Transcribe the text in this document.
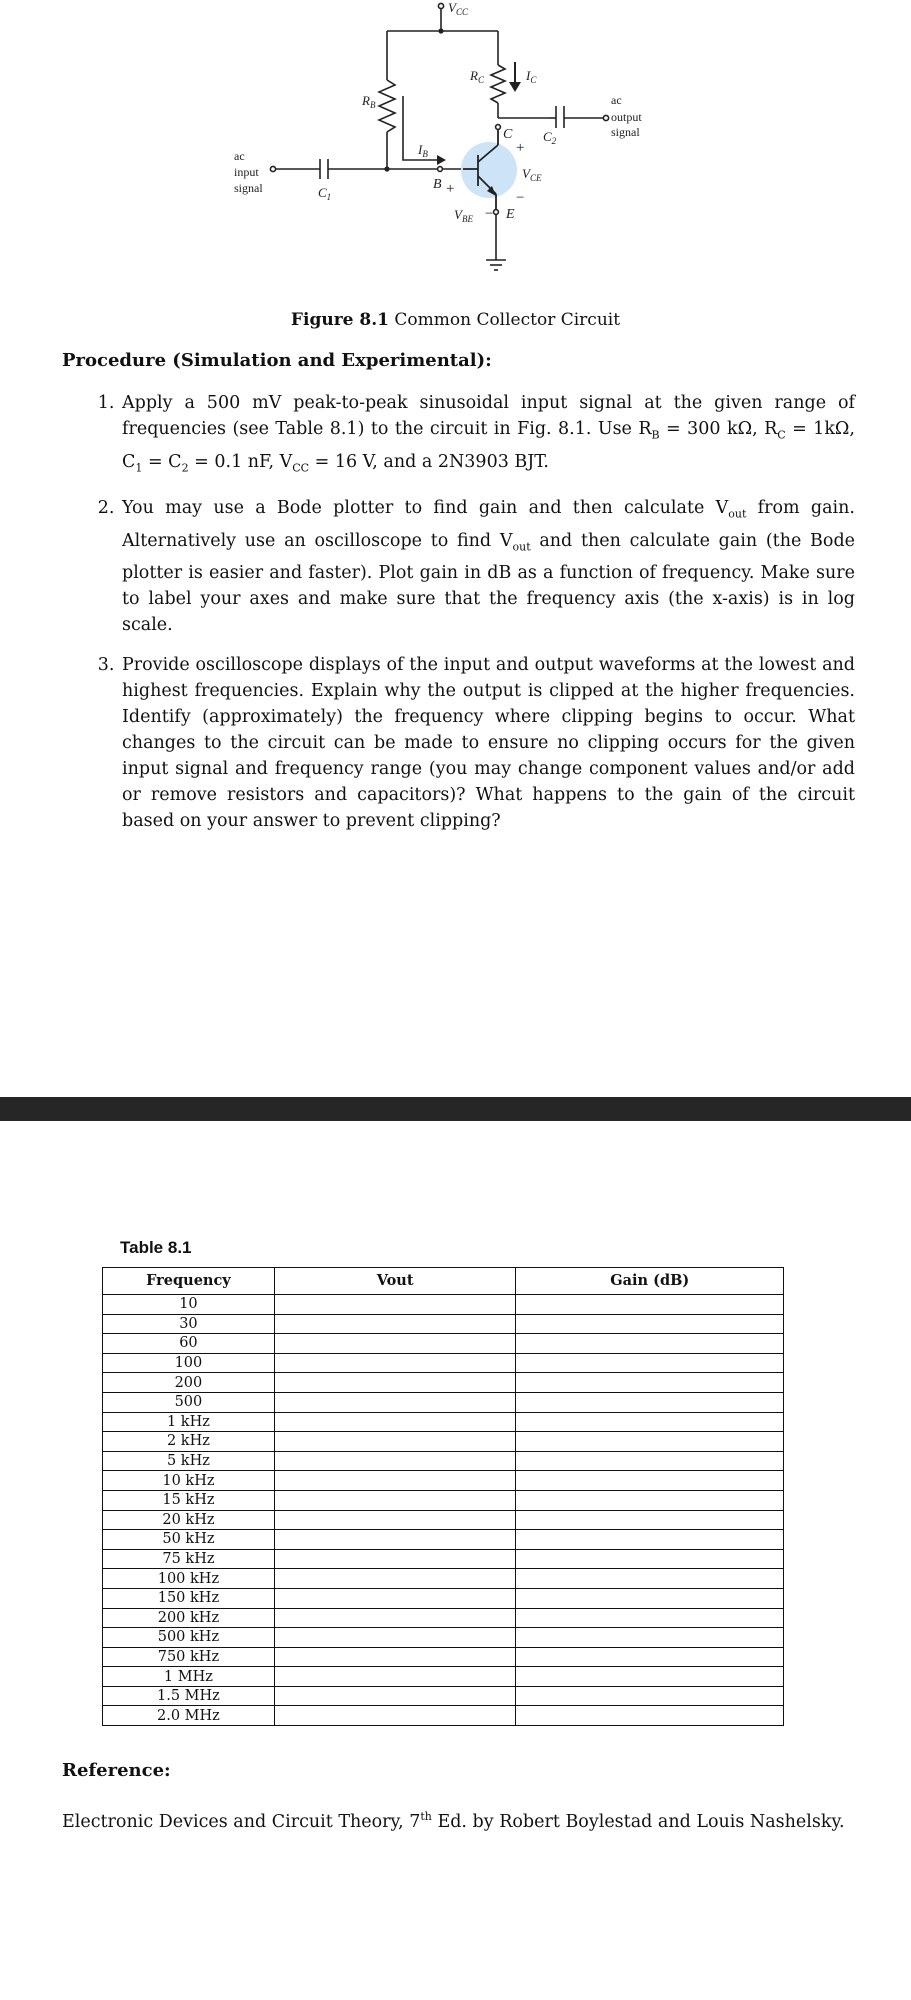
$V_{CC}$
$R_C$	$I_C$
$R_B$
$I_B$
$C_2$
$C_1$
$V_{CE}$
$V_{BE}$
B
C
E
+
−
+
−
ac
input
signal
ac
output
signal
Figure 8.1 Common Collector Circuit
Procedure (Simulation and Experimental):
1. Apply a 500 mV peak-to-peak sinusoidal input signal at the given range of frequencies (see Table 8.1) to the circuit in Fig. 8.1. Use $R_B = 300$ kΩ, $R_C = 1k\Omega$, $C_1 = C_2 = 0.1$ nF, $V_{CC} = 16$ V, and a 2N3903 BJT.
2. You may use a Bode plotter to find gain and then calculate $V_{out}$ from gain. Alternatively use an oscilloscope to find $V_{out}$ and then calculate gain (the Bode plotter is easier and faster). Plot gain in dB as a function of frequency. Make sure to label your axes and make sure that the frequency axis (the x-axis) is in log scale.
3. Provide oscilloscope displays of the input and output waveforms at the lowest and highest frequencies. Explain why the output is clipped at the higher frequencies. Identify (approximately) the frequency where clipping begins to occur. What changes to the circuit can be made to ensure no clipping occurs for the given input signal and frequency range (you may change component values and/or add or remove resistors and capacitors)? What happens to the gain of the circuit based on your answer to prevent clipping?
Table 8.1
Frequency	Vout	Gain (dB)
10		
30		
60		
100		
200		
500		
1 kHz		
2 kHz		
5 kHz		
10 kHz		
15 kHz		
20 kHz		
50 kHz		
75 kHz		
100 kHz		
150 kHz		
200 kHz		
500 kHz		
750 kHz		
1 MHz		
1.5 MHz		
2.0 MHz		
Reference:
Electronic Devices and Circuit Theory, 7th Ed. by Robert Boylestad and Louis Nashelsky.
